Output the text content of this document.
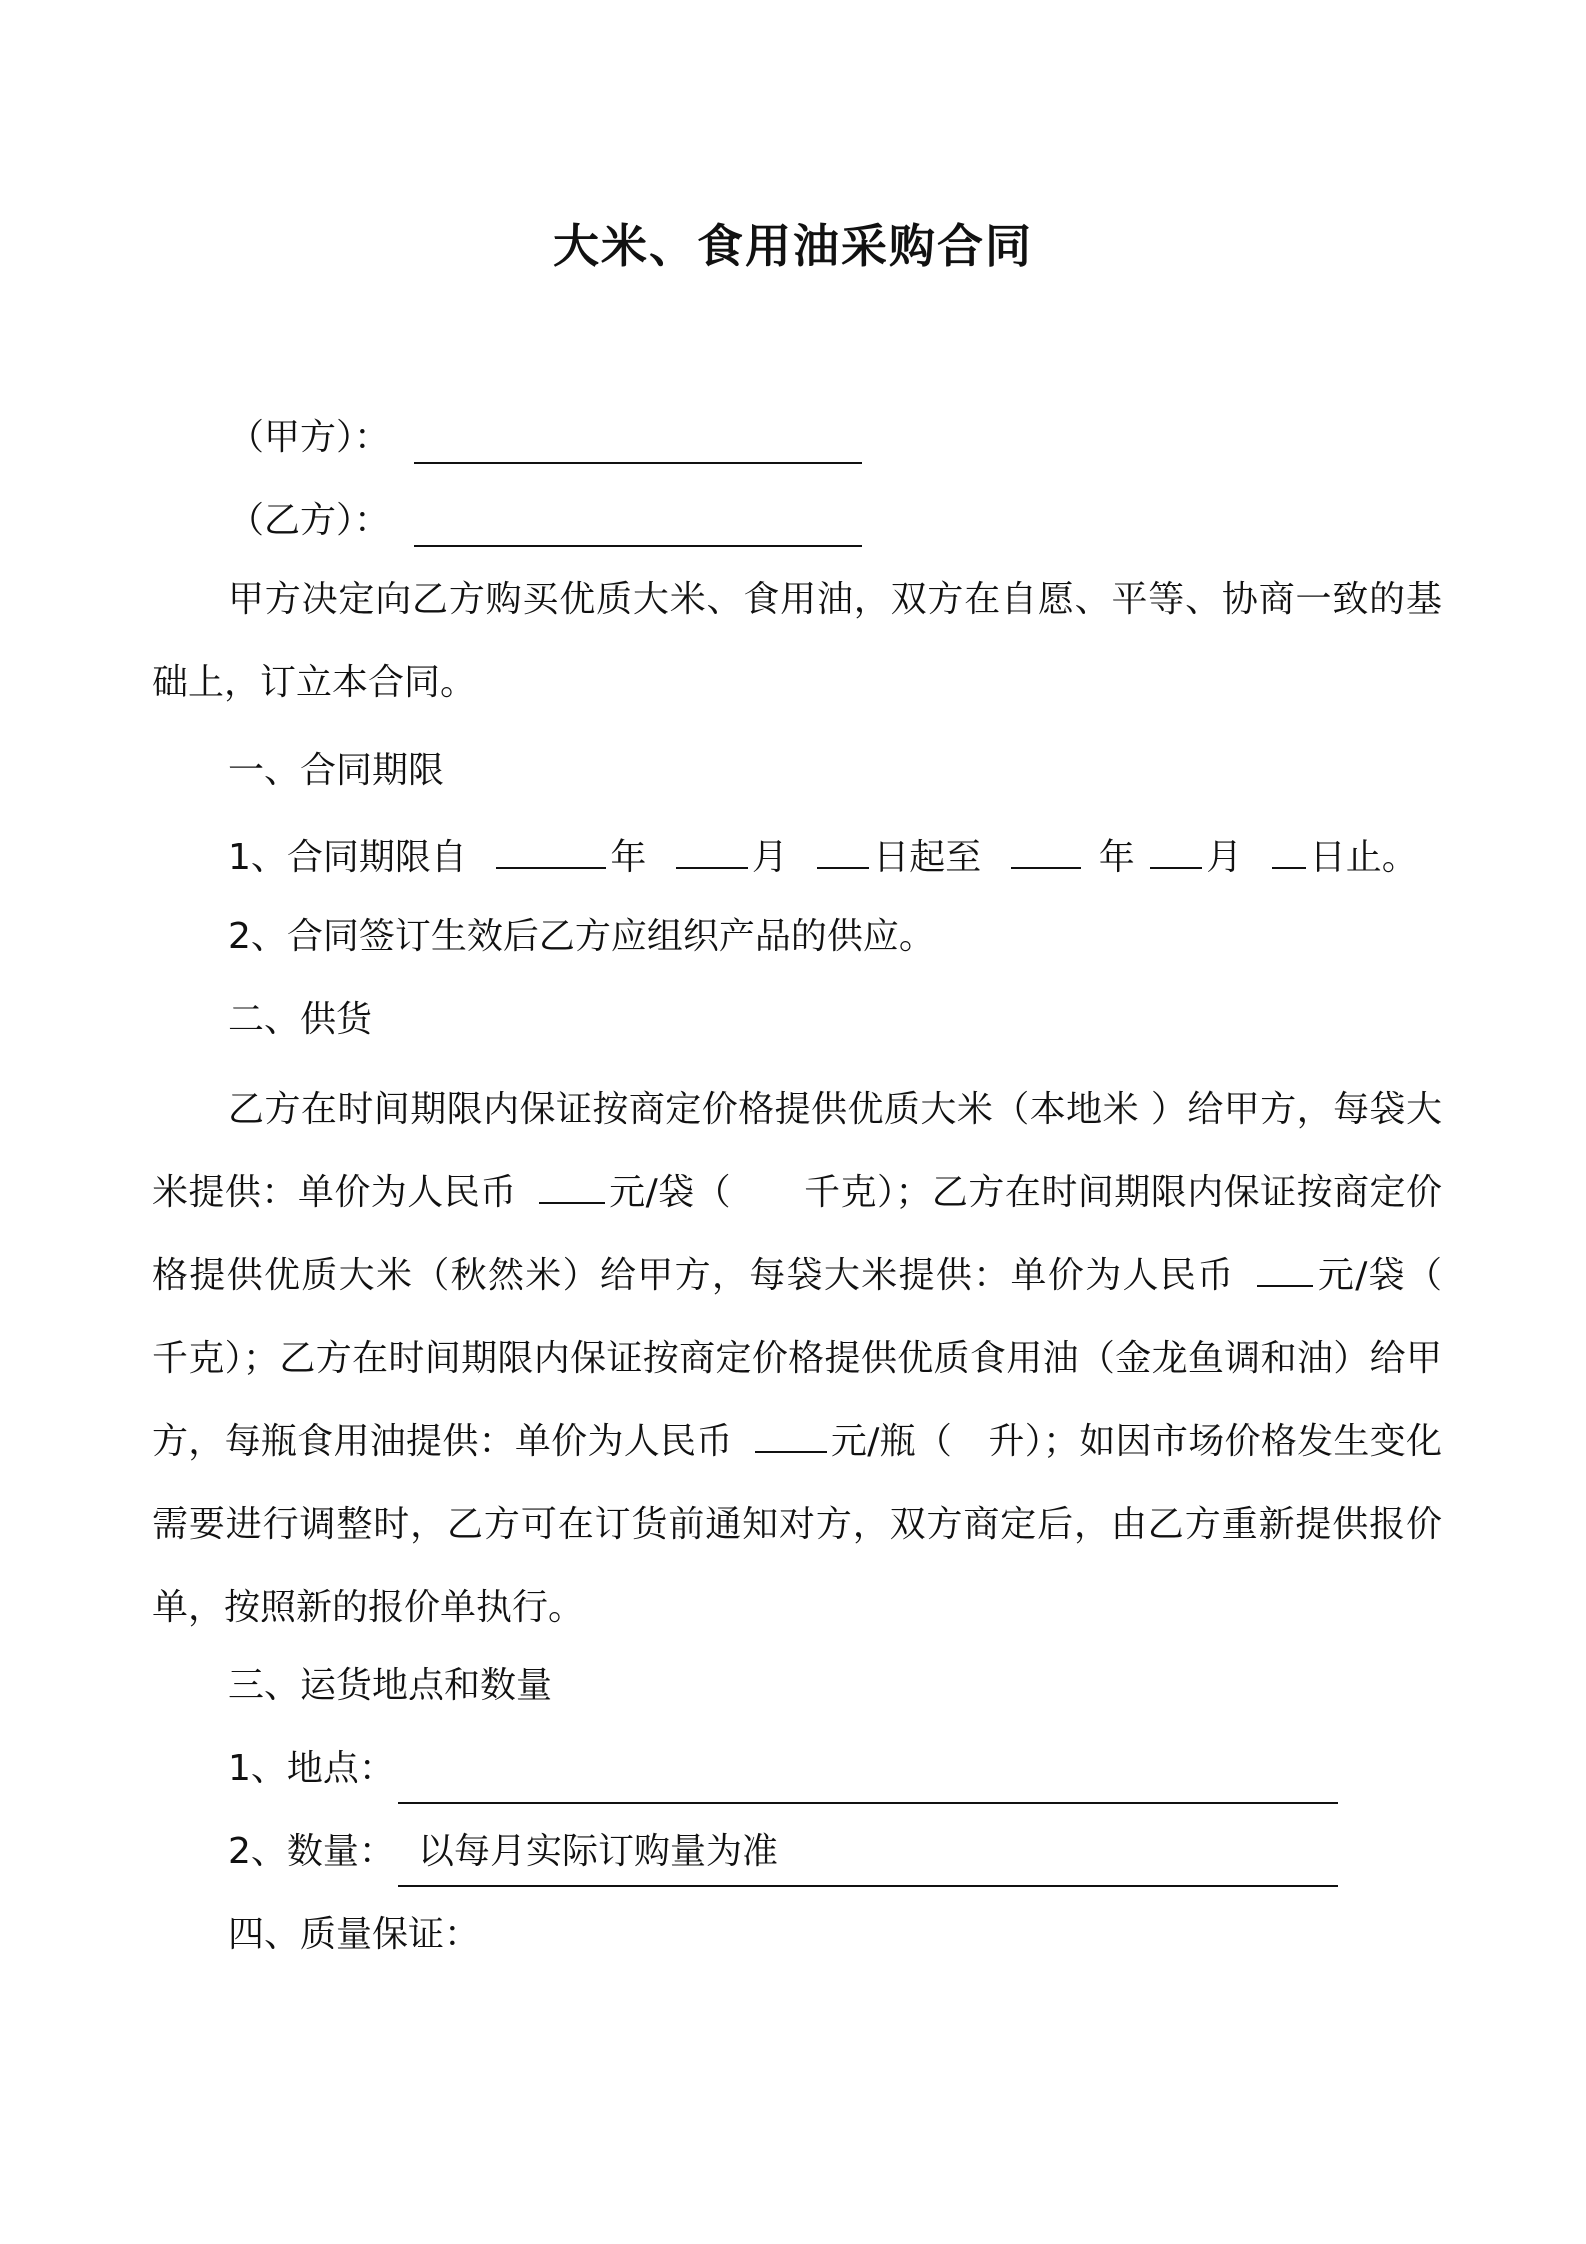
大米、食用油采购合同
（甲方）：
（乙方）：
甲方决定向乙方购买优质大米、食用油，双方在自愿、平等、协商一致的基础上，订立本合同。
一、合同期限
1、合同期限自	年	月 日起至	年 月 日止。
2、合同签订生效后乙方应组织产品的供应。
二、供货
乙方在时间期限内保证按商定价格提供优质大米（本地米 ）给甲方，每袋大米提供：单价为人民币	元/袋（　　千克）；乙方在时间期限内保证按商定价格提供优质大米（秋然米）给甲方，每袋大米提供：单价为人民币 元/袋（　　千克）；乙方在时间期限内保证按商定价格提供优质食用油（金龙鱼调和油）给甲方，每瓶食用油提供：单价为人民币	元/瓶（　升）；如因市场价格发生变化需要进行调整时，乙方可在订货前通知对方，双方商定后，由乙方重新提供报价单，按照新的报价单执行。
三、运货地点和数量
1、地点：
2、数量： 以每月实际订购量为准
四、质量保证：
